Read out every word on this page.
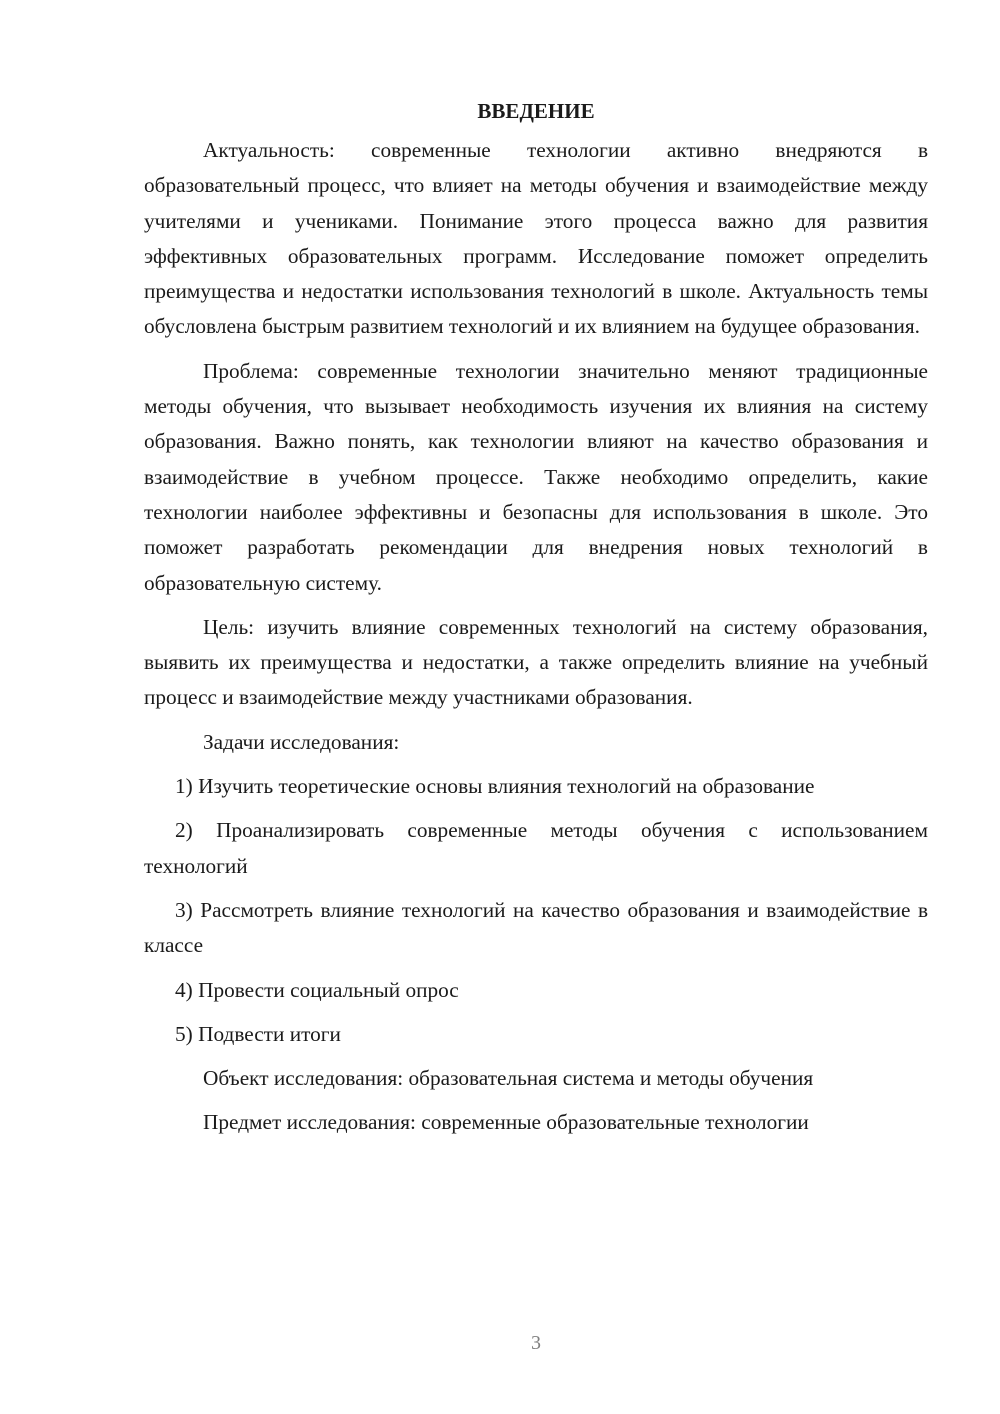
ВВЕДЕНИЕ

Актуальность: современные технологии активно внедряются в образовательный процесс, что влияет на методы обучения и взаимодействие между учителями и учениками. Понимание этого процесса важно для развития эффективных образовательных программ. Исследование поможет определить преимущества и недостатки использования технологий в школе. Актуальность темы обусловлена быстрым развитием технологий и их влиянием на будущее образования.

Проблема: современные технологии значительно меняют традиционные методы обучения, что вызывает необходимость изучения их влияния на систему образования. Важно понять, как технологии влияют на качество образования и взаимодействие в учебном процессе. Также необходимо определить, какие технологии наиболее эффективны и безопасны для использования в школе. Это поможет разработать рекомендации для внедрения новых технологий в образовательную систему.

Цель: изучить влияние современных технологий на систему образования, выявить их преимущества и недостатки, а также определить влияние на учебный процесс и взаимодействие между участниками образования.

Задачи исследования:

1) Изучить теоретические основы влияния технологий на образование

2) Проанализировать современные методы обучения с использованием технологий

3) Рассмотреть влияние технологий на качество образования и взаимодействие в классе

4) Провести социальный опрос

5) Подвести итоги

Объект исследования: образовательная система и методы обучения

Предмет исследования: современные образовательные технологии

3
